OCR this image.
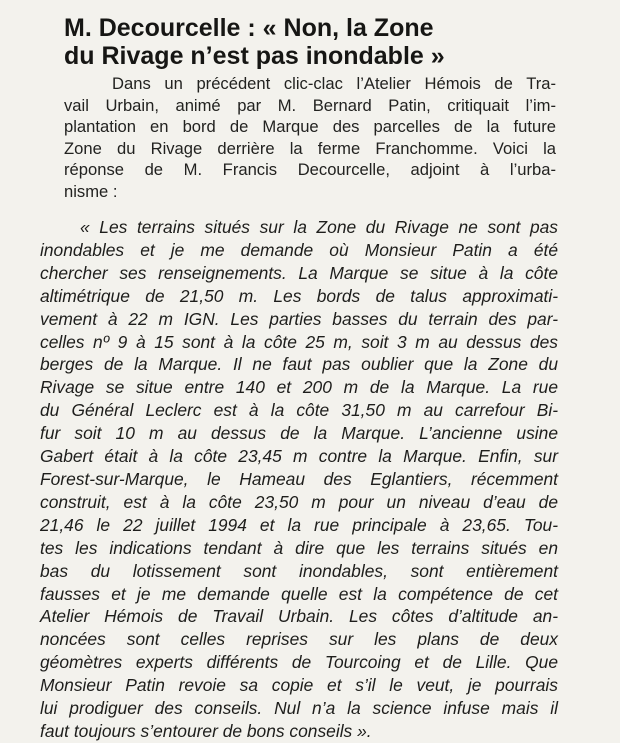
M. Decourcelle : « Non, la Zone
du Rivage n’est pas inondable »

Dans un précédent clic-clac l’Atelier Hémois de Tra-
vail Urbain, animé par M. Bernard Patin, critiquait l’im-
plantation en bord de Marque des parcelles de la future
Zone du Rivage derrière la ferme Franchomme. Voici la
réponse de M. Francis Decourcelle, adjoint à l’urba-
nisme :

« Les terrains situés sur la Zone du Rivage ne sont pas
inondables et je me demande où Monsieur Patin a été
chercher ses renseignements. La Marque se situe à la côte
altimétrique de 21,50 m. Les bords de talus approximati-
vement à 22 m IGN. Les parties basses du terrain des par-
celles nº 9 à 15 sont à la côte 25 m, soit 3 m au dessus des
berges de la Marque. Il ne faut pas oublier que la Zone du
Rivage se situe entre 140 et 200 m de la Marque. La rue
du Général Leclerc est à la côte 31,50 m au carrefour Bi-
fur soit 10 m au dessus de la Marque. L’ancienne usine
Gabert était à la côte 23,45 m contre la Marque. Enfin, sur
Forest-sur-Marque, le Hameau des Eglantiers, récemment
construit, est à la côte 23,50 m pour un niveau d’eau de
21,46 le 22 juillet 1994 et la rue principale à 23,65. Tou-
tes les indications tendant à dire que les terrains situés en
bas du lotissement sont inondables, sont entièrement
fausses et je me demande quelle est la compétence de cet
Atelier Hémois de Travail Urbain. Les côtes d’altitude an-
noncées sont celles reprises sur les plans de deux
géomètres experts différents de Tourcoing et de Lille. Que
Monsieur Patin revoie sa copie et s’il le veut, je pourrais
lui prodiguer des conseils. Nul n’a la science infuse mais il
faut toujours s’entourer de bons conseils ».
